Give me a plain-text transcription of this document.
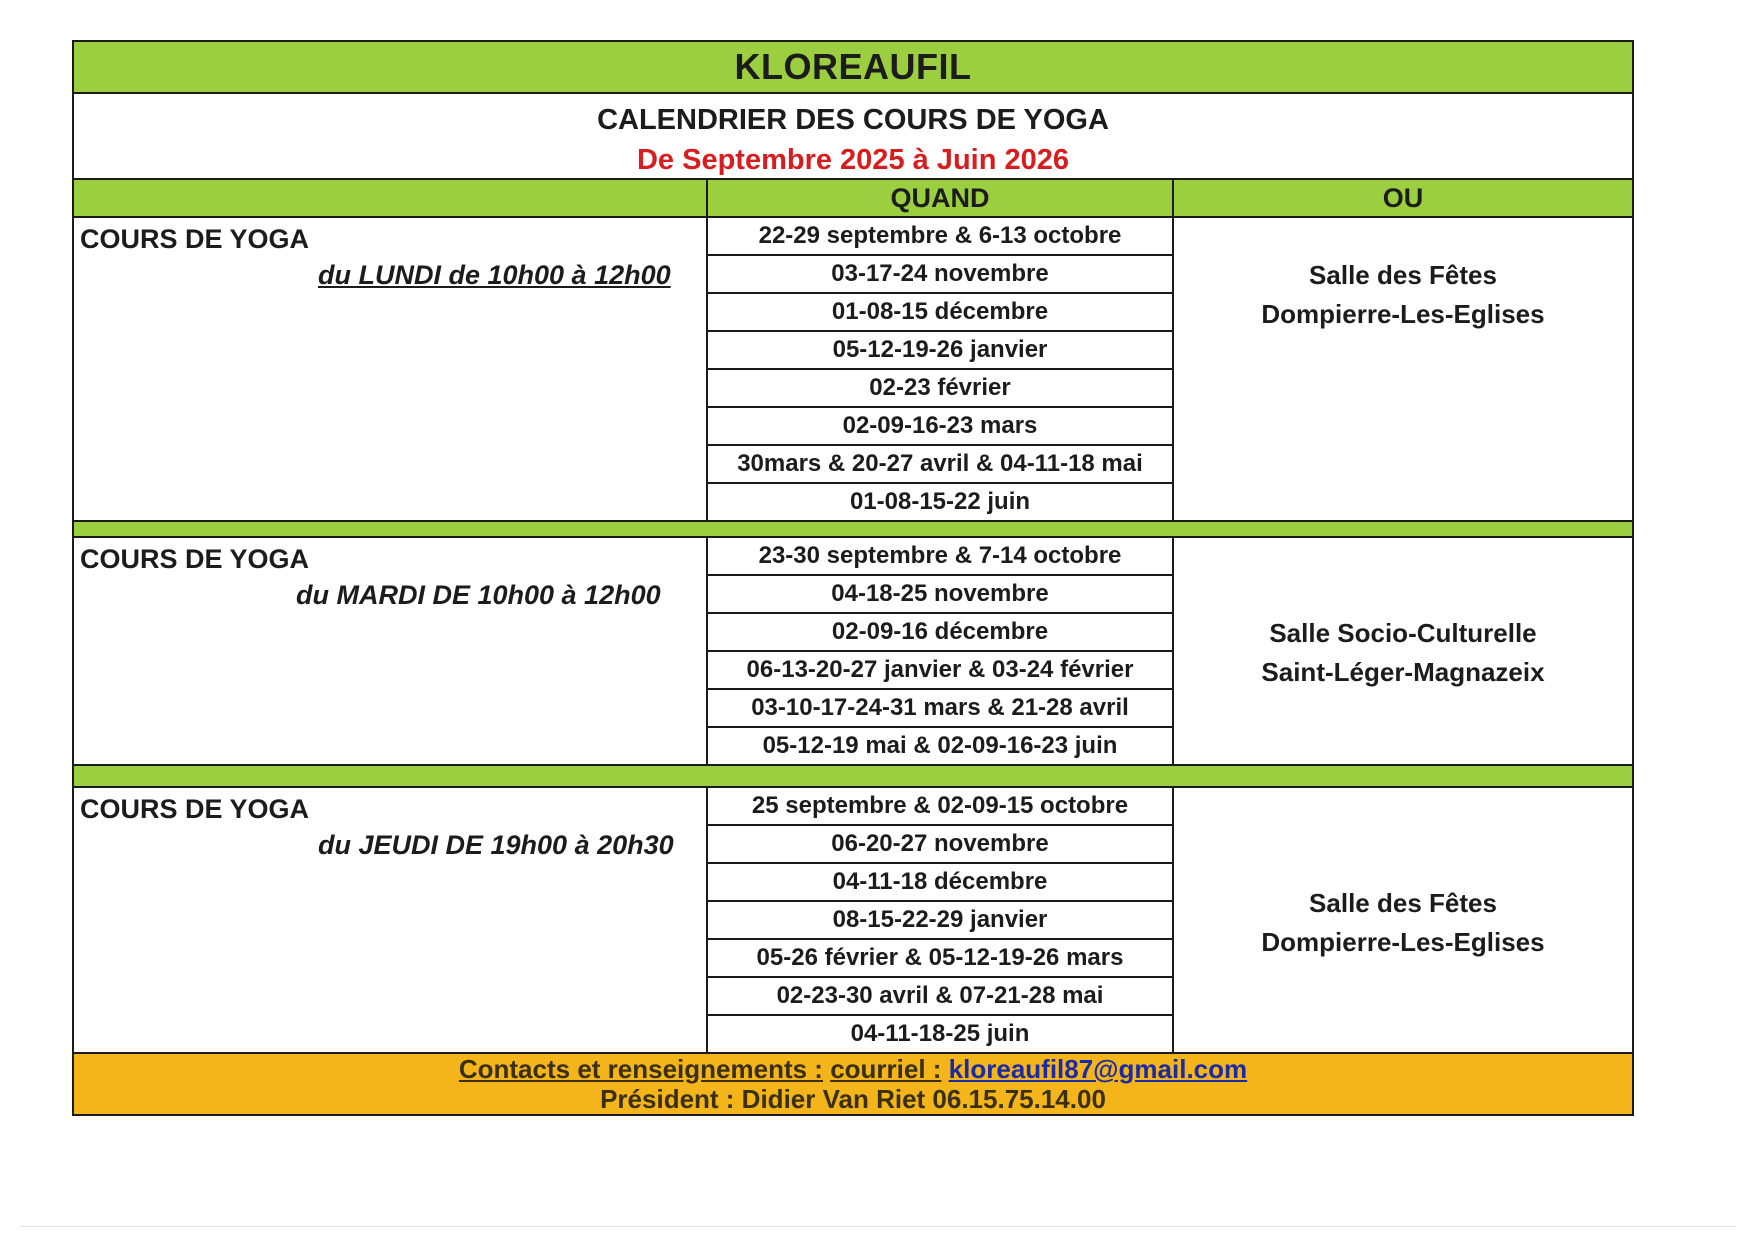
KLOREAUFIL
CALENDRIER DES COURS DE YOGA
De Septembre 2025 à Juin 2026
QUAND	OU
COURS DE YOGA
du LUNDI de 10h00 à 12h00
22-29 septembre & 6-13 octobre
03-17-24 novembre
01-08-15 décembre
05-12-19-26 janvier
02-23 février
02-09-16-23 mars
30mars & 20-27 avril & 04-11-18 mai
01-08-15-22 juin
Salle des Fêtes
Dompierre-Les-Eglises
COURS DE YOGA
du MARDI DE 10h00 à 12h00
23-30 septembre & 7-14 octobre
04-18-25 novembre
02-09-16 décembre
06-13-20-27 janvier & 03-24 février
03-10-17-24-31 mars & 21-28 avril
05-12-19 mai & 02-09-16-23 juin
Salle Socio-Culturelle
Saint-Léger-Magnazeix
COURS DE YOGA
du JEUDI DE 19h00 à 20h30
25 septembre & 02-09-15 octobre
06-20-27 novembre
04-11-18 décembre
08-15-22-29 janvier
05-26 février & 05-12-19-26 mars
02-23-30 avril & 07-21-28 mai
04-11-18-25 juin
Salle des Fêtes
Dompierre-Les-Eglises
Contacts et renseignements : courriel : kloreaufil87@gmail.com
Président : Didier Van Riet 06.15.75.14.00
